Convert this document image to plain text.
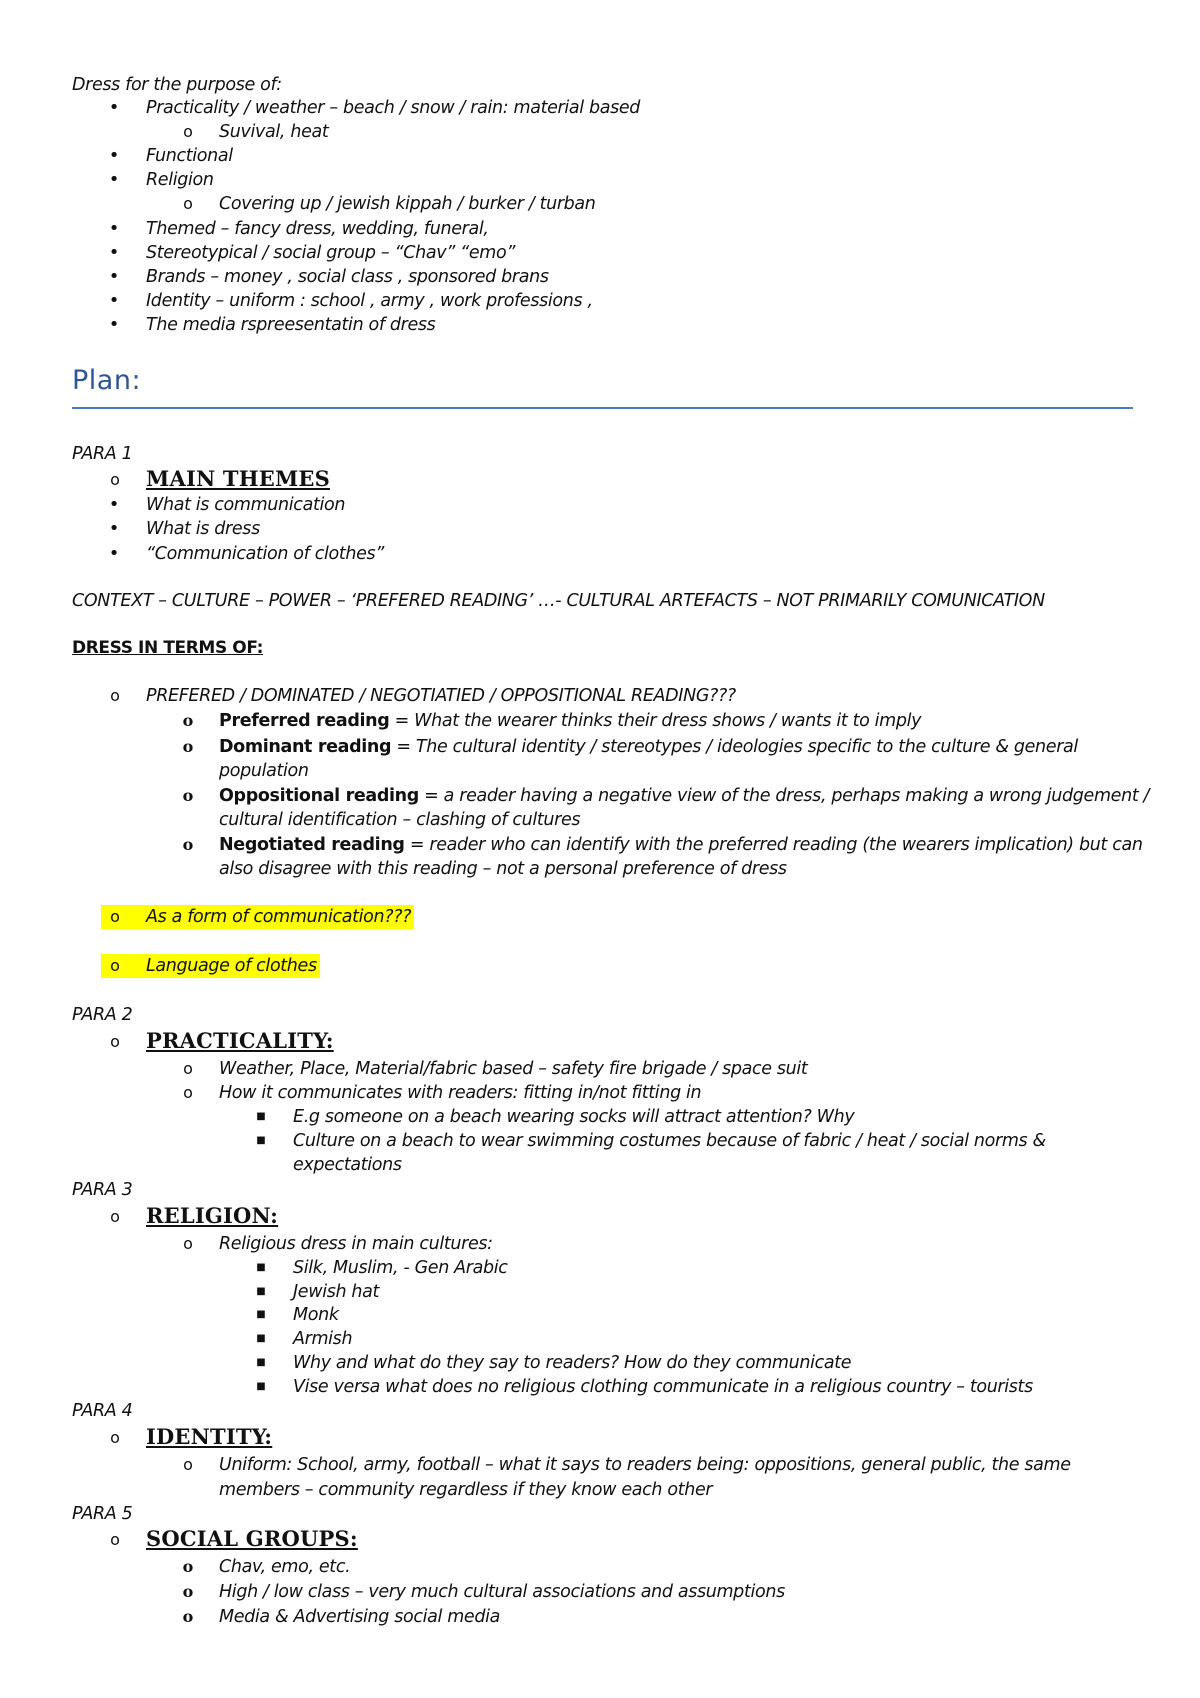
Dress for the purpose of:
• Practicality / weather – beach / snow / rain: material based
o Suvival, heat
• Functional
• Religion
o Covering up / jewish kippah / burker / turban
• Themed – fancy dress, wedding, funeral,
• Stereotypical / social group – “Chav” “emo”
• Brands – money , social class , sponsored brans
• Identity – uniform : school , army , work professions ,
• The media rspreesentatin of dress
Plan:
PARA 1
o MAIN THEMES
• What is communication
• What is dress
• “Communication of clothes”
CONTEXT – CULTURE – POWER – ‘PREFERED READING’ …- CULTURAL ARTEFACTS – NOT PRIMARILY COMUNICATION
DRESS IN TERMS OF:
o PREFERED / DOMINATED / NEGOTIATIED / OPPOSITIONAL READING???
o Preferred reading = What the wearer thinks their dress shows / wants it to imply
o Dominant reading = The cultural identity / stereotypes / ideologies specific to the culture & general
population
o Oppositional reading = a reader having a negative view of the dress, perhaps making a wrong judgement /
cultural identification – clashing of cultures
o Negotiated reading = reader who can identify with the preferred reading (the wearers implication) but can
also disagree with this reading – not a personal preference of dress
o As a form of communication???
o Language of clothes
PARA 2
o PRACTICALITY:
o Weather, Place, Material/fabric based – safety fire brigade / space suit
o How it communicates with readers: fitting in/not fitting in
■ E.g someone on a beach wearing socks will attract attention? Why
■ Culture on a beach to wear swimming costumes because of fabric / heat / social norms &
expectations
PARA 3
o RELIGION:
o Religious dress in main cultures:
■ Silk, Muslim, - Gen Arabic
■ Jewish hat
■ Monk
■ Armish
■ Why and what do they say to readers? How do they communicate
■ Vise versa what does no religious clothing communicate in a religious country – tourists
PARA 4
o IDENTITY:
o Uniform: School, army, football – what it says to readers being: oppositions, general public, the same
members – community regardless if they know each other
PARA 5
o SOCIAL GROUPS:
o Chav, emo, etc.
o High / low class – very much cultural associations and assumptions
o Media & Advertising social media
